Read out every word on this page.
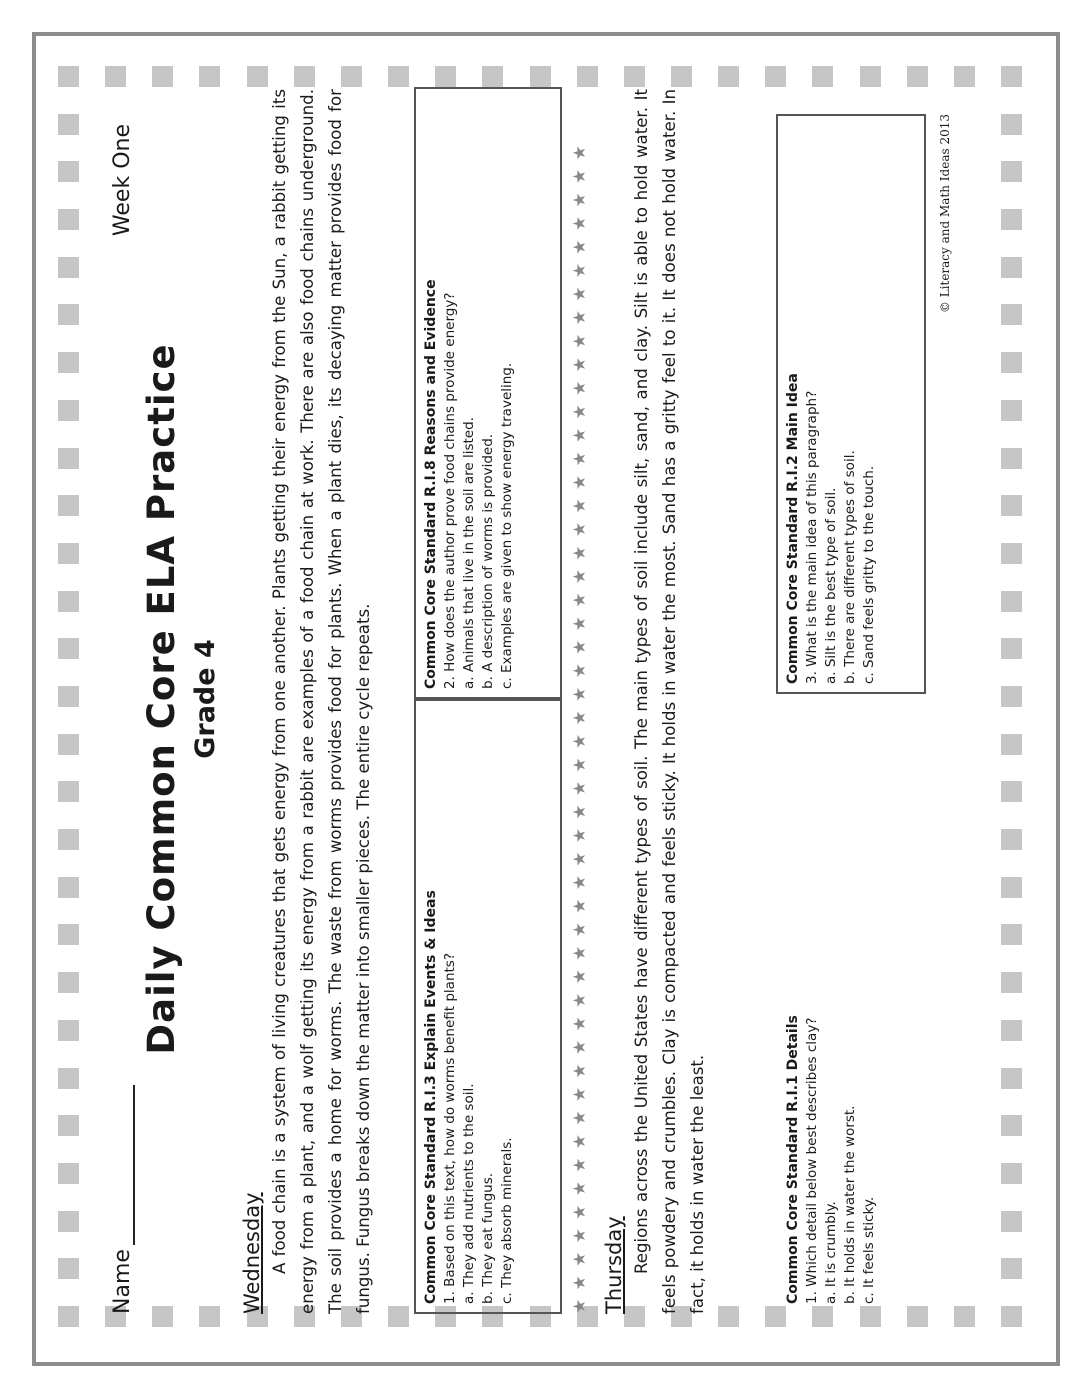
Name
Week One
Daily Common Core ELA Practice Grade 4
Wednesday A food chain is a system of living creatures that gets energy from one another. Plants getting their energy from the Sun, a rabbit getting its energy from a plant, and a wolf getting its energy from a rabbit are examples of a food chain at work. There are also food chains underground. The soil provides a home for worms. The waste from worms provides food for plants. When a plant dies, its decaying matter provides food for fungus. Fungus breaks down the matter into smaller pieces. The entire cycle repeats.	Common Core Standard R.I.3 Explain Events & Ideas 1. Based on this text, how do worms benefit plants? a. They add nutrients to the soil. b. They eat fungus. c. They absorb minerals.
Common Core Standard R.I.8 Reasons and Evidence 2. How does the author prove food chains provide energy? a. Animals that live in the soil are listed. b. A description of worms is provided. c. Examples are given to show energy traveling.	★★★★★★★★★★★★★★★★★★★★★★★★★★★★★★★★★★★★★★★★★★★★★★★★★★ Thursday Regions across the United States have different types of soil. The main types of soil include silt, sand, and clay. Silt is able to hold water. It feels powdery and crumbles. Clay is compacted and feels sticky. It holds in water the most. Sand has a gritty feel to it. It does not hold water. In fact, it holds in water the least.	Common Core Standard R.I.1 Details 1. Which detail below best describes clay? a. It is crumbly. b. It holds in water the worst. c. It feels sticky.
Common Core Standard R.I.2 Main Idea 3. What is the main idea of this paragraph? a. Silt is the best type of soil. b. There are different types of soil. c. Sand feels gritty to the touch.
© Literacy and Math Ideas 2013
